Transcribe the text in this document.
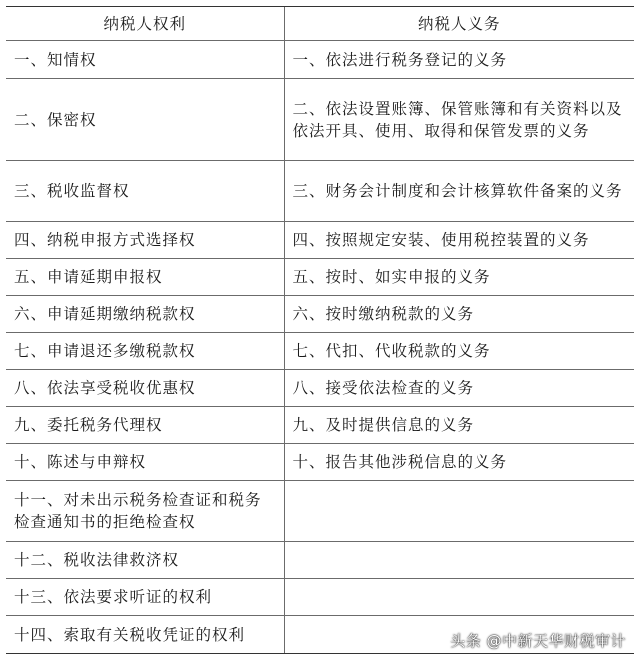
纳税人权利	纳税人义务
一、知情权	一、依法进行税务登记的义务
二、保密权	二、依法设置账簿、保管账簿和有关资料以及依法开具、使用、取得和保管发票的义务
三、税收监督权	三、财务会计制度和会计核算软件备案的义务
四、纳税申报方式选择权	四、按照规定安装、使用税控装置的义务
五、申请延期申报权	五、按时、如实申报的义务
六、申请延期缴纳税款权	六、按时缴纳税款的义务
七、申请退还多缴税款权	七、代扣、代收税款的义务
八、依法享受税收优惠权	八、接受依法检查的义务
九、委托税务代理权	九、及时提供信息的义务
十、陈述与申辩权	十、报告其他涉税信息的义务
十一、对未出示税务检查证和税务检查通知书的拒绝检查权	
十二、税收法律救济权	
十三、依法要求听证的权利	
十四、索取有关税收凭证的权利		头条 @中新天华财税审计
